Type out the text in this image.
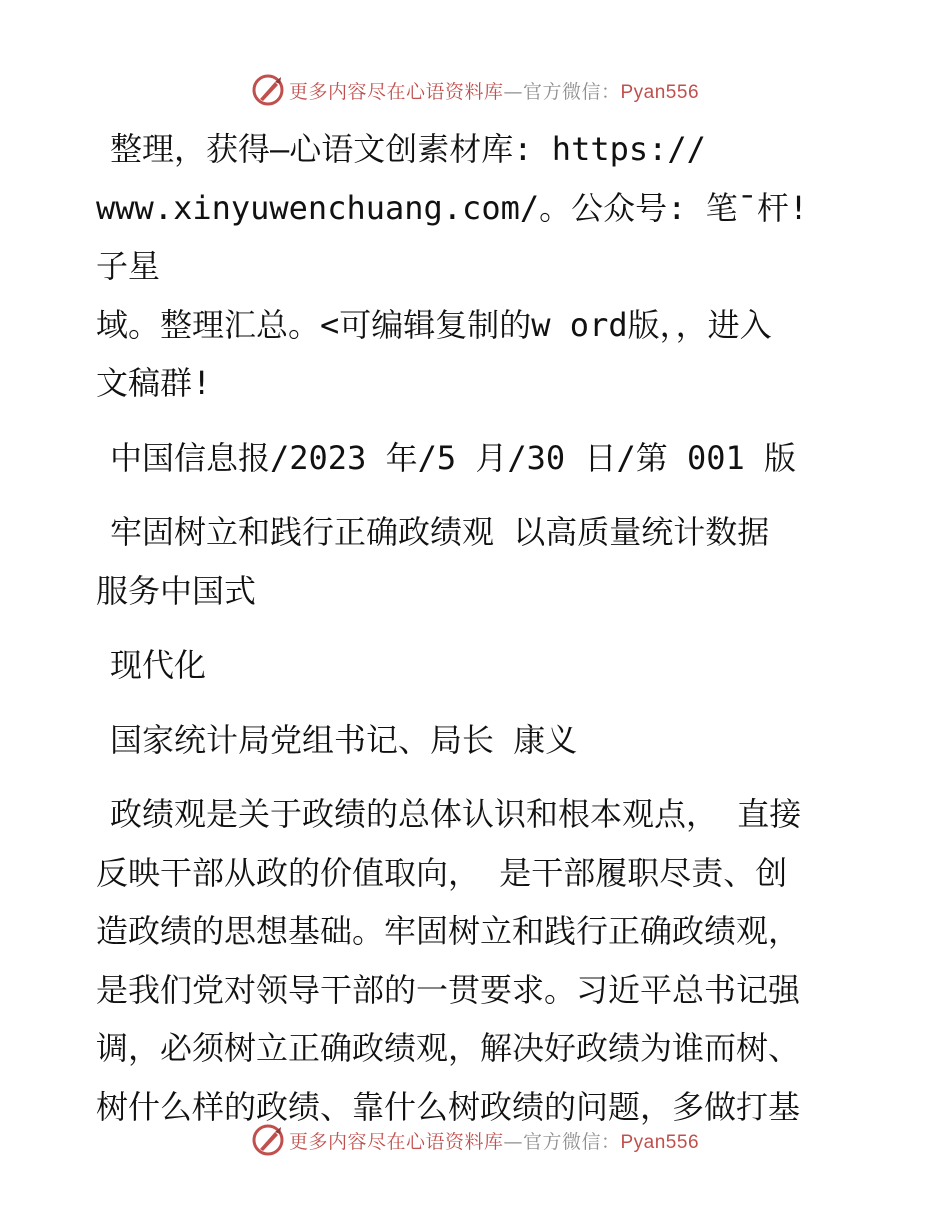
更多内容尽在心语资料库—官方微信：Pyan556

整理，获得—心语文创素材库: https://

www.xinyuwenchuang.com/。公众号: 笔¯杆! 子星

域。整理汇总。<可编辑复制的w ord版，，进入

文稿群!

中国信息报/2023 年/5 月/30 日/第 001 版

牢固树立和践行正确政绩观 以高质量统计数据

服务中国式

现代化

国家统计局党组书记、局长 康义

政绩观是关于政绩的总体认识和根本观点， 直接

反映干部从政的价值取向， 是干部履职尽责、创

造政绩的思想基础。牢固树立和践行正确政绩观，

是我们党对领导干部的一贯要求。习近平总书记强

调，必须树立正确政绩观，解决好政绩为谁而树、

树什么样的政绩、靠什么树政绩的问题，多做打基

更多内容尽在心语资料库—官方微信：Pyan556
